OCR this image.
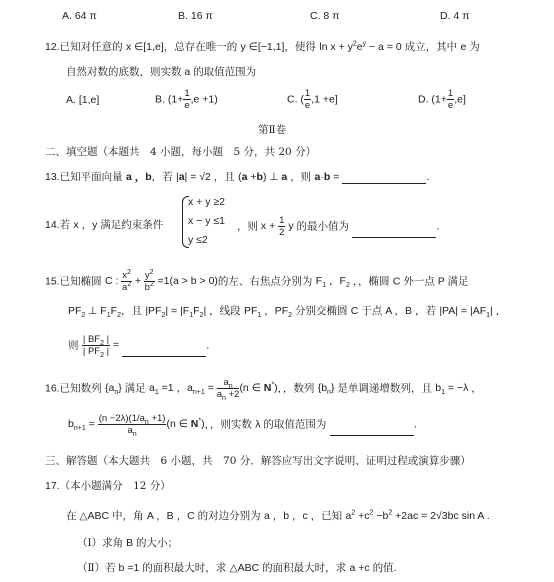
A. 64 π	B. 16 π	C. 8 π	D. 4 π
12.已知对任意的 x ∈[1,e]，总存在唯一的 y ∈[−1,1]，使得 $\ln x + y^2e^y - a = 0$ 成立，其中 e 为
自然对数的底数，则实数 a 的取值范围为
A. [1,e]	B. $(1+ \frac{1}{e} ,e +1)$	C. ( $\frac{1}{e} ,1 +e$]	D. $(1+ \frac{1}{e} ,e]$
第Ⅱ卷
二、填空题（本题共　4 小题，每小题　5 分，共 20 分）
13.已知平面向量 a ，b，若 |a| = √2 ，且 (a +b) ⊥ a ，则 a·b =	.
14.若 x ，y 满足约束条件
x + y ≥2
x − y ≤1
y ≤2
，则 $x + \frac{1}{2}$ y 的最小值为	.
15.已知椭圆 C : $\frac{x^2}{a^2} + \frac{y^2}{b^2} =1(a > b > 0)$的左、右焦点分别为 $F_1$ ，$F_2$ ，，椭圆 C 外一点 P 满足
$PF_2$ ⊥ $F_1F_2$，且 $|PF_2| = |F_1F_2|$ ，线段 $PF_1$ ，$PF_2$ 分别交椭圆 C 于点 A ，B ，若 $|PA| = |AF_1|$ ，
则 $\frac{| BF_2 |}{| PF_2 |}$ =	.
16.已知数列 $\{a_n\}$ 满足 $a_1 =1$ ，$a_{n+1} = \frac{a_n}{a_n +2} (n$ ∈ N*)，，数列 $\{b_n\}$ 是单调递增数列，且 $b_1 = -\lambda$ ，
$b_{n+1} = \frac{(n -2\lambda)(1/a_n +1)}{a_n} (n$ ∈ N*)，，则实数 λ 的取值范围为	.
三、解答题（本大题共　6 小题，共　70 分．解答应写出文字说明、证明过程或演算步骤）
17.（本小题满分　12 分）
在 △ABC 中，角 A ，B ，C 的对边分别为 a ，b ，c ，已知 $a^2 +c^2 -b^2 +2ac = 2√3bc$ sin A .
（Ⅰ）求角 B 的大小；
（Ⅱ）若 b =1 的面积最大时，求 △ABC 的面积最大时，求 a +c 的值.
